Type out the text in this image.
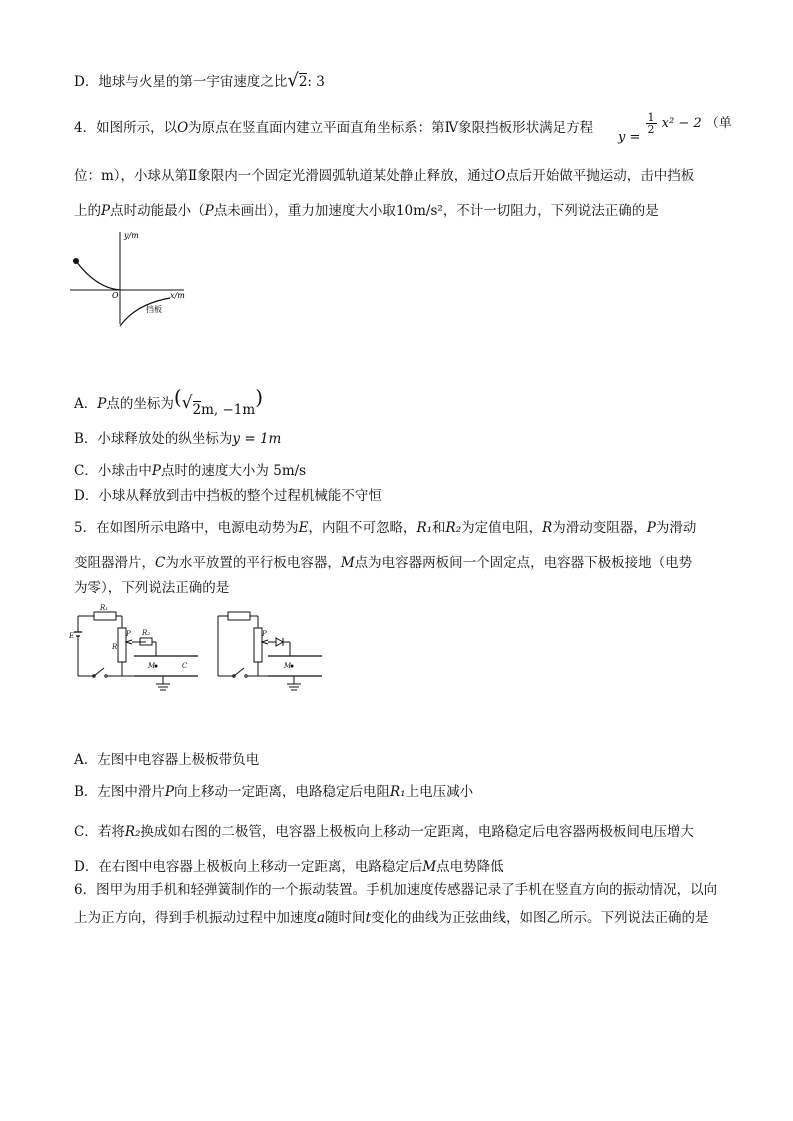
D．地球与火星的第一宇宙速度之比√2: 3
4．如图所示，以O为原点在竖直面内建立平面直角坐标系：第Ⅳ象限挡板形状满足方程
y =
$\frac{1}{2} x^2 - 2$ （单
位：m），小球从第Ⅱ象限内一个固定光滑圆弧轨道某处静止释放，通过O点后开始做平抛运动，击中挡板
上的P点时动能最小（P点未画出），重力加速度大小取10m/s²，不计一切阻力，下列说法正确的是
y/m
x/m
O
挡板
A．P点的坐标为(√2m, −1m)
B．小球释放处的纵坐标为y = 1m
C．小球击中P点时的速度大小为 5m/s
D．小球从释放到击中挡板的整个过程机械能不守恒
5．在如图所示电路中，电源电动势为E，内阻不可忽略，R₁和R₂为定值电阻，R为滑动变阻器，P为滑动
变阻器滑片，C为水平放置的平行板电容器，M点为电容器两板间一个固定点，电容器下极板接地（电势
为零），下列说法正确的是
E
R₁
R
P R₂
M	C
P
M
A．左图中电容器上极板带负电
B．左图中滑片P向上移动一定距离，电路稳定后电阻R₁上电压减小
C．若将R₂换成如右图的二极管，电容器上极板向上移动一定距离，电路稳定后电容器两极板间电压增大
D．在右图中电容器上极板向上移动一定距离，电路稳定后M点电势降低
6．图甲为用手机和轻弹簧制作的一个振动装置。手机加速度传感器记录了手机在竖直方向的振动情况，以向上为正方向，得到手机振动过程中加速度a随时间t变化的曲线为正弦曲线，如图乙所示。下列说法正确的是
